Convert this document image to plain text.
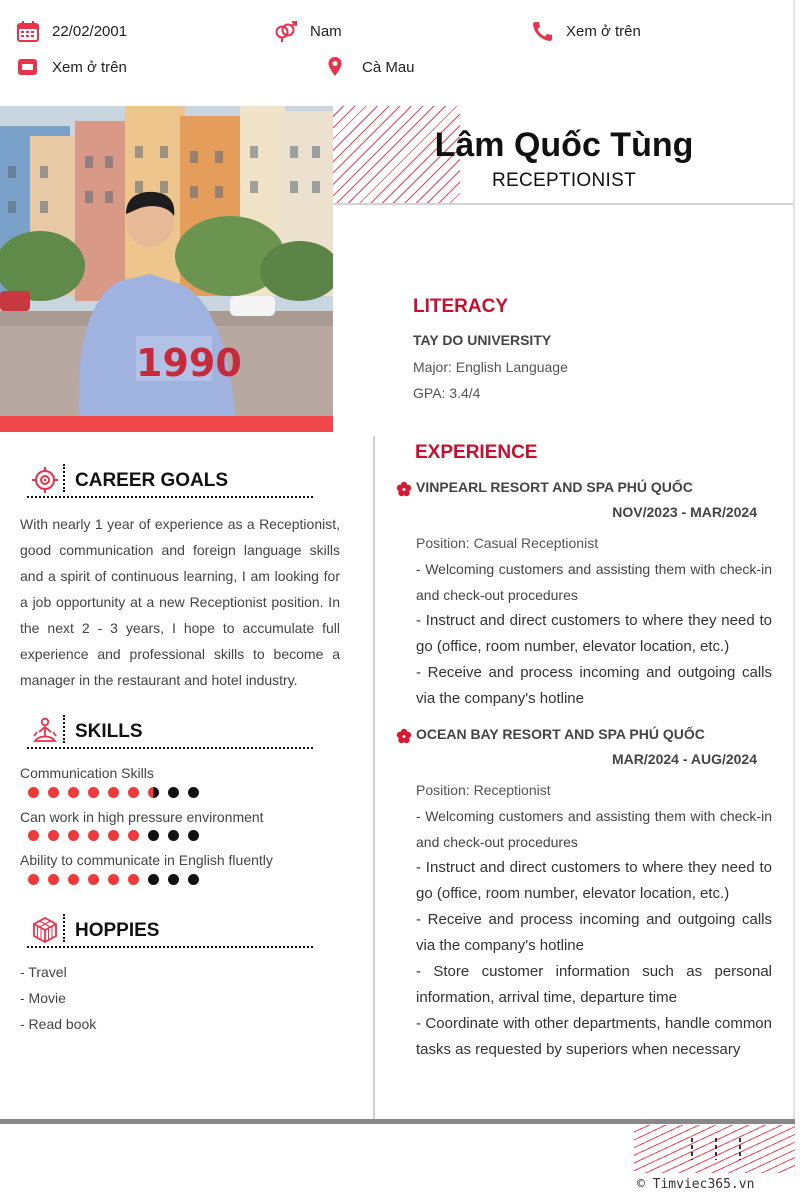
22/02/2001	Nam	Xem ở trên
Xem ở trên	Cà Mau
1990
Lâm Quốc Tùng
RECEPTIONIST
LITERACY
TAY DO UNIVERSITY
Major: English Language
GPA: 3.4/4
CAREER GOALS
With nearly 1 year of experience as a Receptionist, good communication and foreign language skills and a spirit of continuous learning, I am looking for a job opportunity at a new Receptionist position. In the next 2 - 3 years, I hope to accumulate full experience and professional skills to become a manager in the restaurant and hotel industry.
SKILLS
Communication Skills
Can work in high pressure environment
Ability to communicate in English fluently
HOPPIES
- Travel
- Movie
- Read book
EXPERIENCE
VINPEARL RESORT AND SPA PHÚ QUỐC
NOV/2023 - MAR/2024
Position: Casual Receptionist
- Welcoming customers and assisting them with check-in and check-out procedures
- Instruct and direct customers to where they need to go (office, room number, elevator location, etc.)
- Receive and process incoming and outgoing calls via the company's hotline
OCEAN BAY RESORT AND SPA PHÚ QUỐC
MAR/2024 - AUG/2024
Position: Receptionist
- Welcoming customers and assisting them with check-in and check-out procedures
- Instruct and direct customers to where they need to go (office, room number, elevator location, etc.)
- Receive and process incoming and outgoing calls via the company's hotline
- Store customer information such as personal information, arrival time, departure time
- Coordinate with other departments, handle common tasks as requested by superiors when necessary
© Timviec365.vn
